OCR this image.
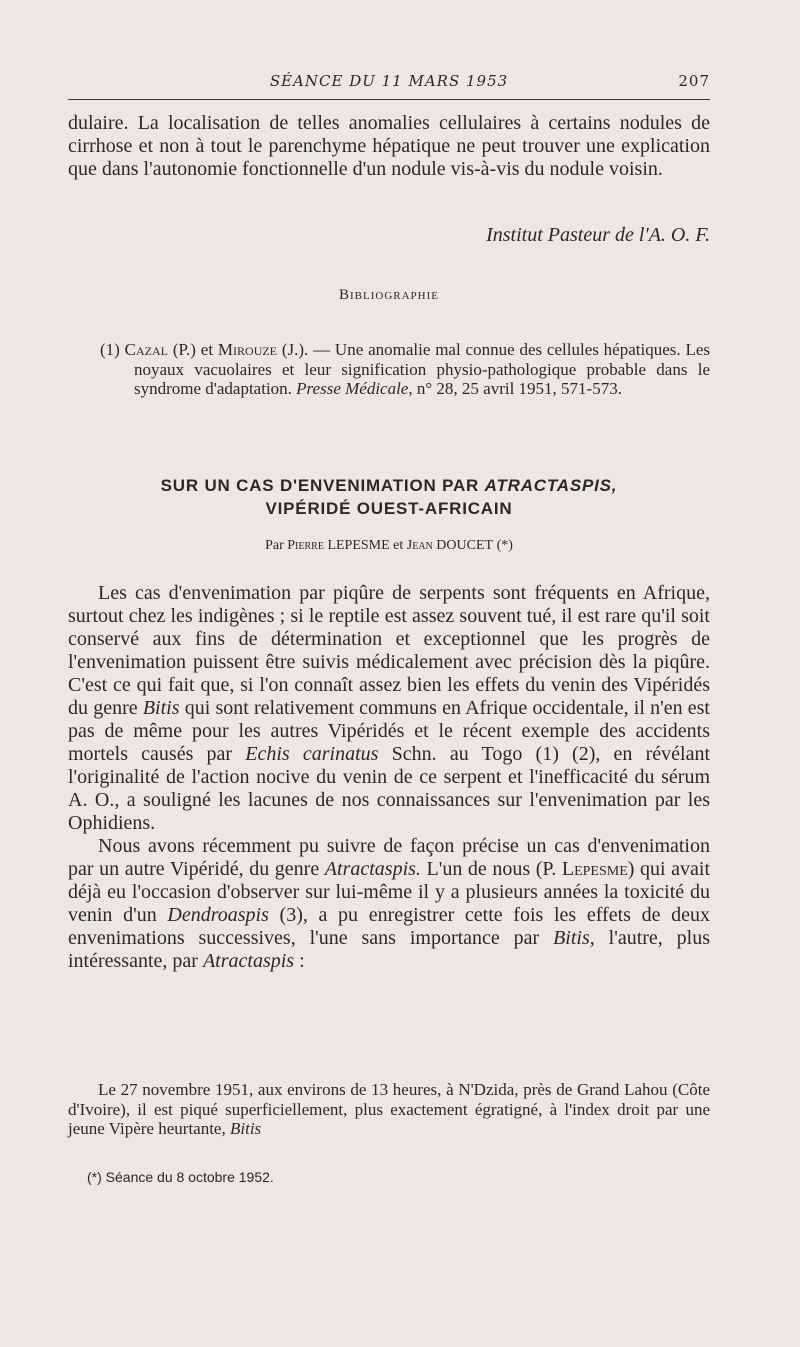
SÉANCE DU 11 MARS 1953	207

dulaire. La localisation de telles anomalies cellulaires à certains nodules de cirrhose et non à tout le parenchyme hépatique ne peut trouver une explication que dans l'autonomie fonctionnelle d'un nodule vis-à-vis du nodule voisin.

Institut Pasteur de l'A. O. F.
Bibliographie

(1) Cazal (P.) et Mirouze (J.). — Une anomalie mal connue des cellules hépatiques. Les noyaux vacuolaires et leur signification physio-pathologique probable dans le syndrome d'adaptation. Presse Médicale, n° 28, 25 avril 1951, 571-573.

SUR UN CAS D'ENVENIMATION PAR ATRACTASPIS,
VIPÉRIDÉ OUEST-AFRICAIN
Par Pierre LEPESME et Jean DOUCET (*)

Les cas d'envenimation par piqûre de serpents sont fréquents en Afrique, surtout chez les indigènes ; si le reptile est assez souvent tué, il est rare qu'il soit conservé aux fins de détermination et exceptionnel que les progrès de l'envenimation puissent être suivis médicalement avec précision dès la piqûre. C'est ce qui fait que, si l'on connaît assez bien les effets du venin des Vipéridés du genre Bitis qui sont relativement communs en Afrique occidentale, il n'en est pas de même pour les autres Vipéridés et le récent exemple des accidents mortels causés par Echis carinatus Schn. au Togo (1) (2), en révélant l'originalité de l'action nocive du venin de ce serpent et l'inefficacité du sérum A. O., a souligné les lacunes de nos connaissances sur l'envenimation par les Ophidiens.

Nous avons récemment pu suivre de façon précise un cas d'envenimation par un autre Vipéridé, du genre Atractaspis. L'un de nous (P. Lepesme) qui avait déjà eu l'occasion d'observer sur lui-même il y a plusieurs années la toxicité du venin d'un Dendroaspis (3), a pu enregistrer cette fois les effets de deux envenimations successives, l'une sans importance par Bitis, l'autre, plus intéressante, par Atractaspis :

Le 27 novembre 1951, aux environs de 13 heures, à N'Dzida, près de Grand Lahou (Côte d'Ivoire), il est piqué superficiellement, plus exactement égratigné, à l'index droit par une jeune Vipère heurtante, Bitis

(*) Séance du 8 octobre 1952.
